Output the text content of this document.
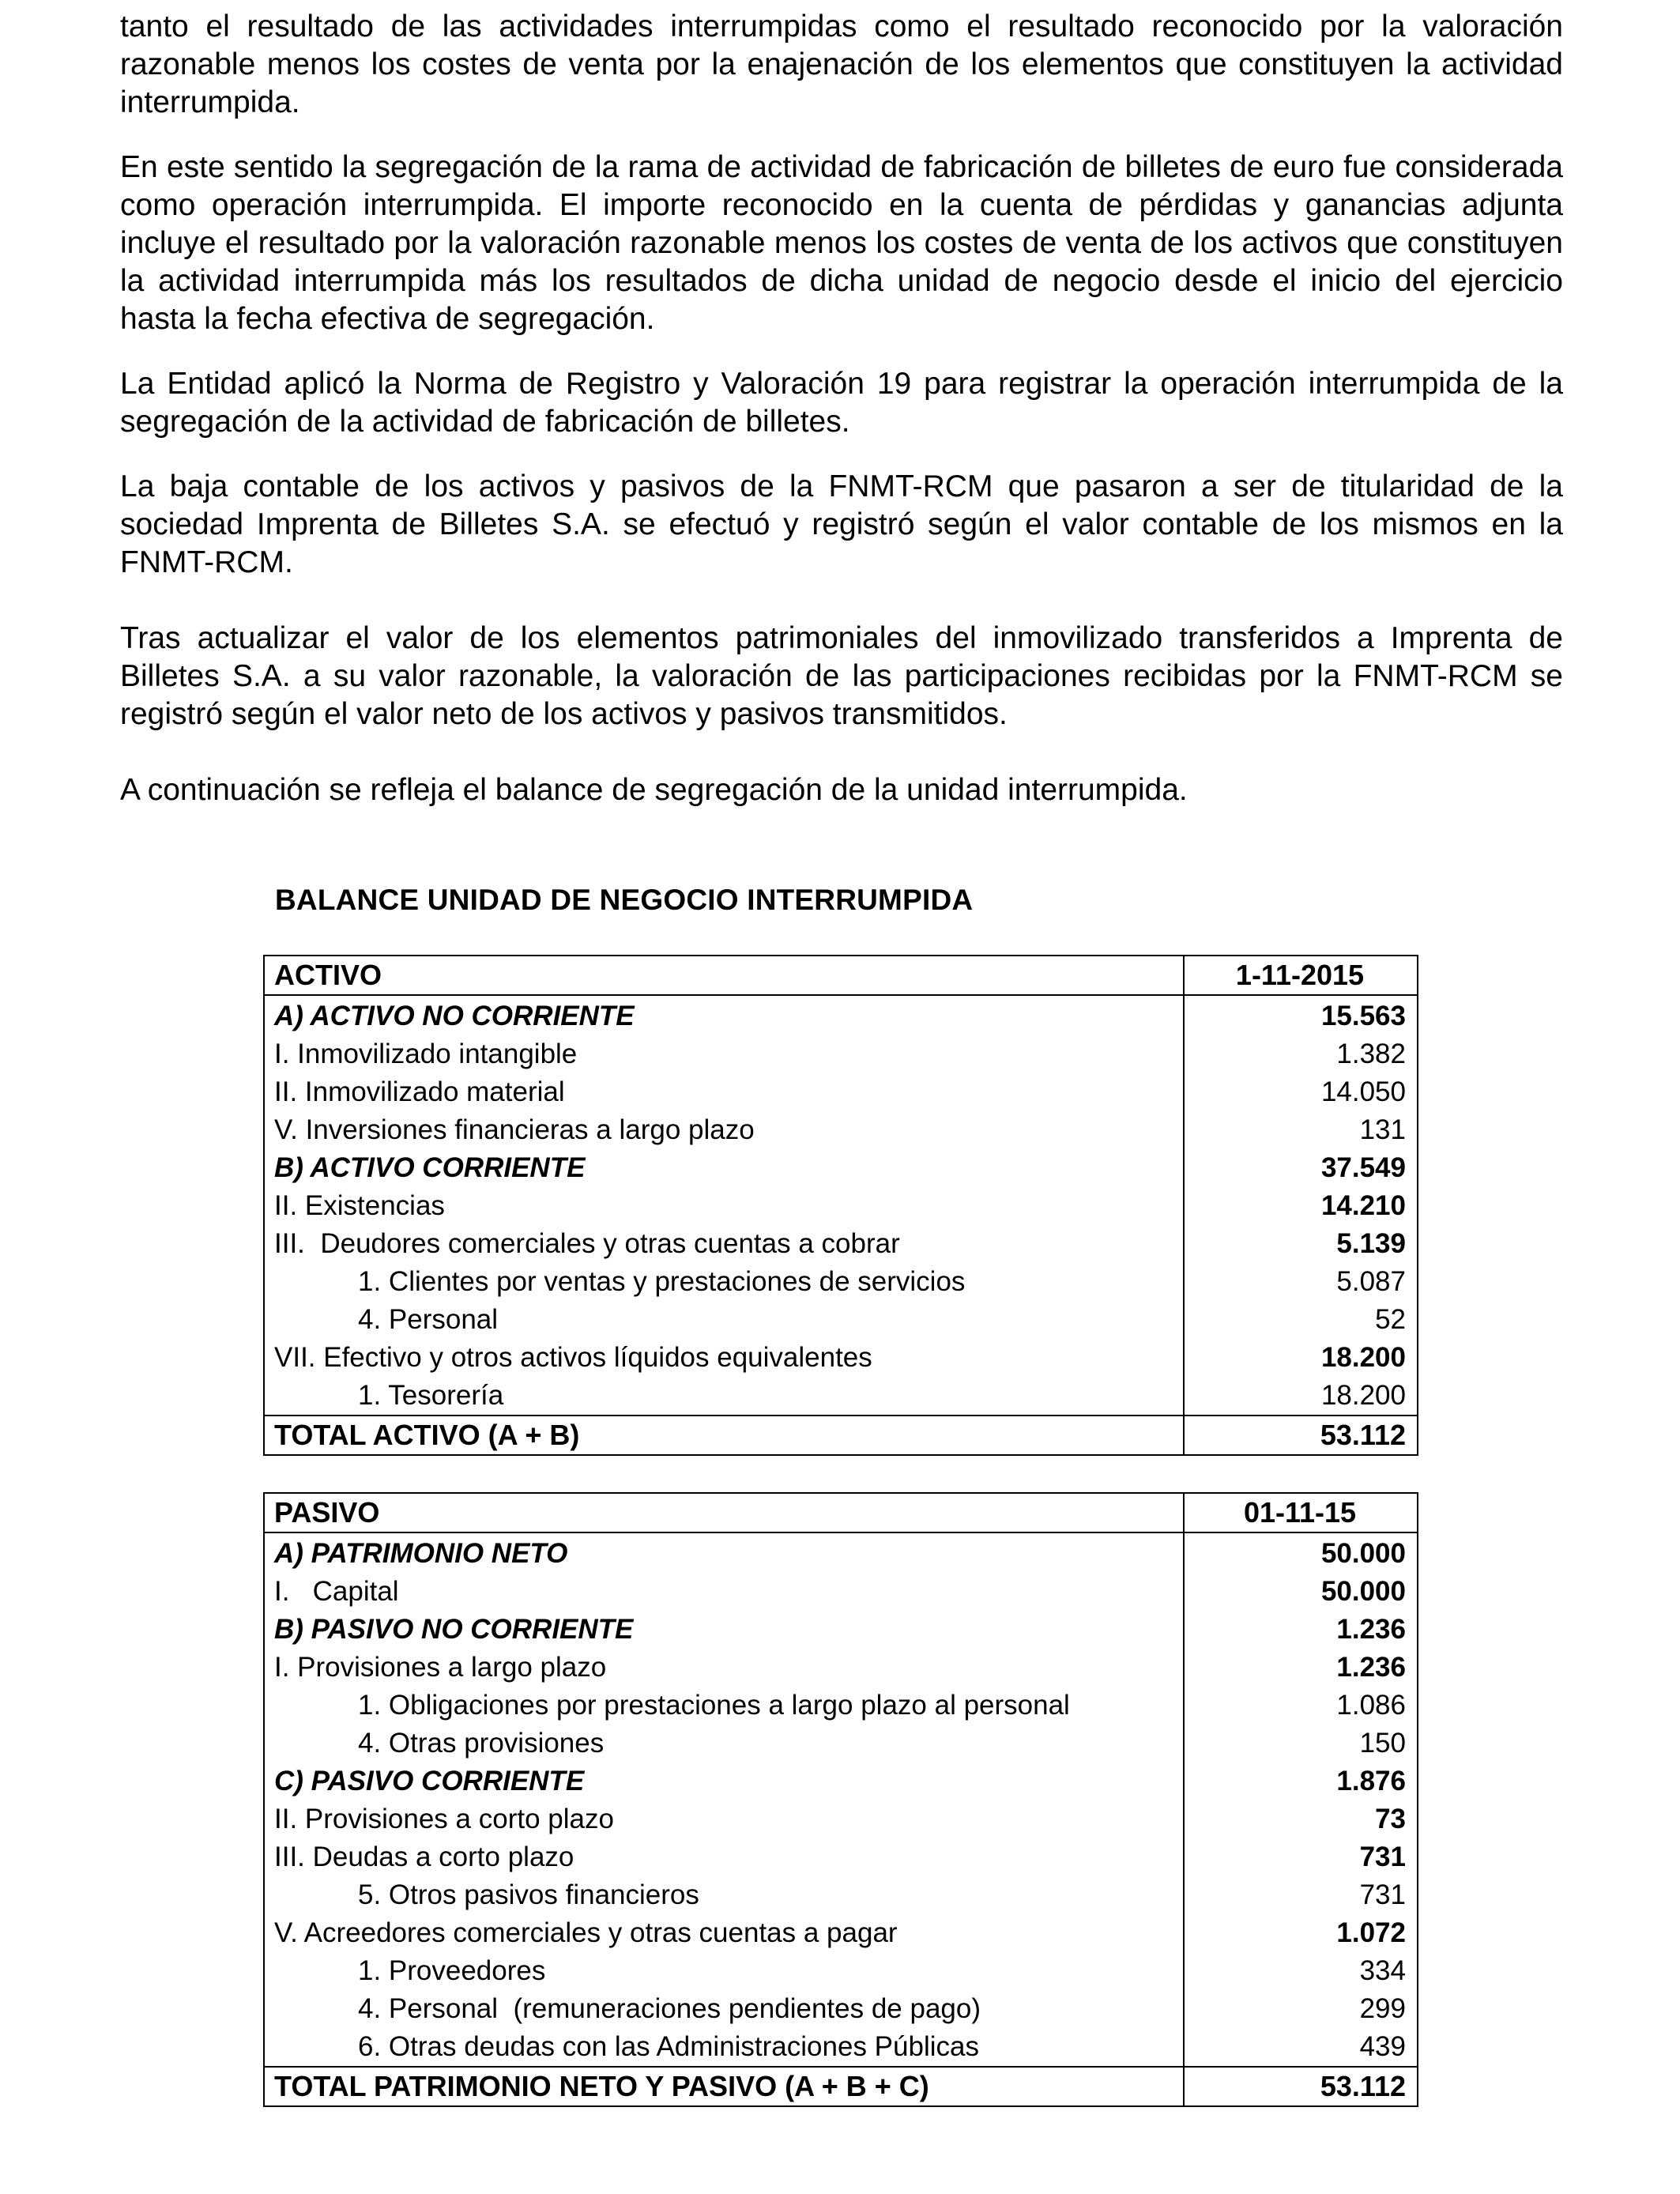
tanto el resultado de las actividades interrumpidas como el resultado reconocido por la valoración razonable menos los costes de venta por la enajenación de los elementos que constituyen la actividad interrumpida.

En este sentido la segregación de la rama de actividad de fabricación de billetes de euro fue considerada como operación interrumpida. El importe reconocido en la cuenta de pérdidas y ganancias adjunta incluye el resultado por la valoración razonable menos los costes de venta de los activos que constituyen la actividad interrumpida más los resultados de dicha unidad de negocio desde el inicio del ejercicio hasta la fecha efectiva de segregación.

La Entidad aplicó la Norma de Registro y Valoración 19 para registrar la operación interrumpida de la segregación de la actividad de fabricación de billetes.

La baja contable de los activos y pasivos de la FNMT-RCM que pasaron a ser de titularidad de la sociedad Imprenta de Billetes S.A. se efectuó y registró según el valor contable de los mismos en la FNMT-RCM.

Tras actualizar el valor de los elementos patrimoniales del inmovilizado transferidos a Imprenta de Billetes S.A. a su valor razonable, la valoración de las participaciones recibidas por la FNMT-RCM se registró según el valor neto de los activos y pasivos transmitidos.

A continuación se refleja el balance de segregación de la unidad interrumpida.

BALANCE UNIDAD DE NEGOCIO INTERRUMPIDA
ACTIVO	1-11-2015
A) ACTIVO NO CORRIENTE	15.563
I. Inmovilizado intangible	1.382
II. Inmovilizado material	14.050
V. Inversiones financieras a largo plazo	131
B) ACTIVO CORRIENTE	37.549
II. Existencias	14.210
III.  Deudores comerciales y otras cuentas a cobrar	5.139
1. Clientes por ventas y prestaciones de servicios	5.087
4. Personal	52
VII. Efectivo y otros activos líquidos equivalentes	18.200
1. Tesorería	18.200
TOTAL ACTIVO (A + B)	53.112
PASIVO	01-11-15
A) PATRIMONIO NETO	50.000
I.   Capital	50.000
B) PASIVO NO CORRIENTE	1.236
I. Provisiones a largo plazo	1.236
1. Obligaciones por prestaciones a largo plazo al personal	1.086
4. Otras provisiones	150
C) PASIVO CORRIENTE	1.876
II. Provisiones a corto plazo	73
III. Deudas a corto plazo	731
5. Otros pasivos financieros	731
V. Acreedores comerciales y otras cuentas a pagar	1.072
1. Proveedores	334
4. Personal  (remuneraciones pendientes de pago)	299
6. Otras deudas con las Administraciones Públicas	439
TOTAL PATRIMONIO NETO Y PASIVO (A + B + C)	53.112
